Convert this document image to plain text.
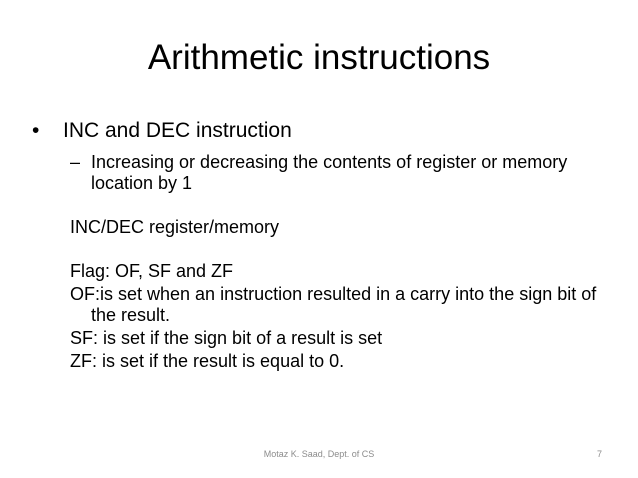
Arithmetic instructions
• INC and DEC instruction
– Increasing or decreasing the contents of register or memory location by 1
INC/DEC register/memory
Flag: OF, SF and ZF
OF:is set when an instruction resulted in a carry into the sign bit of the result.
SF: is set if the sign bit of a result is set
ZF: is set if the result is equal to 0.
Motaz K. Saad, Dept. of CS	7
